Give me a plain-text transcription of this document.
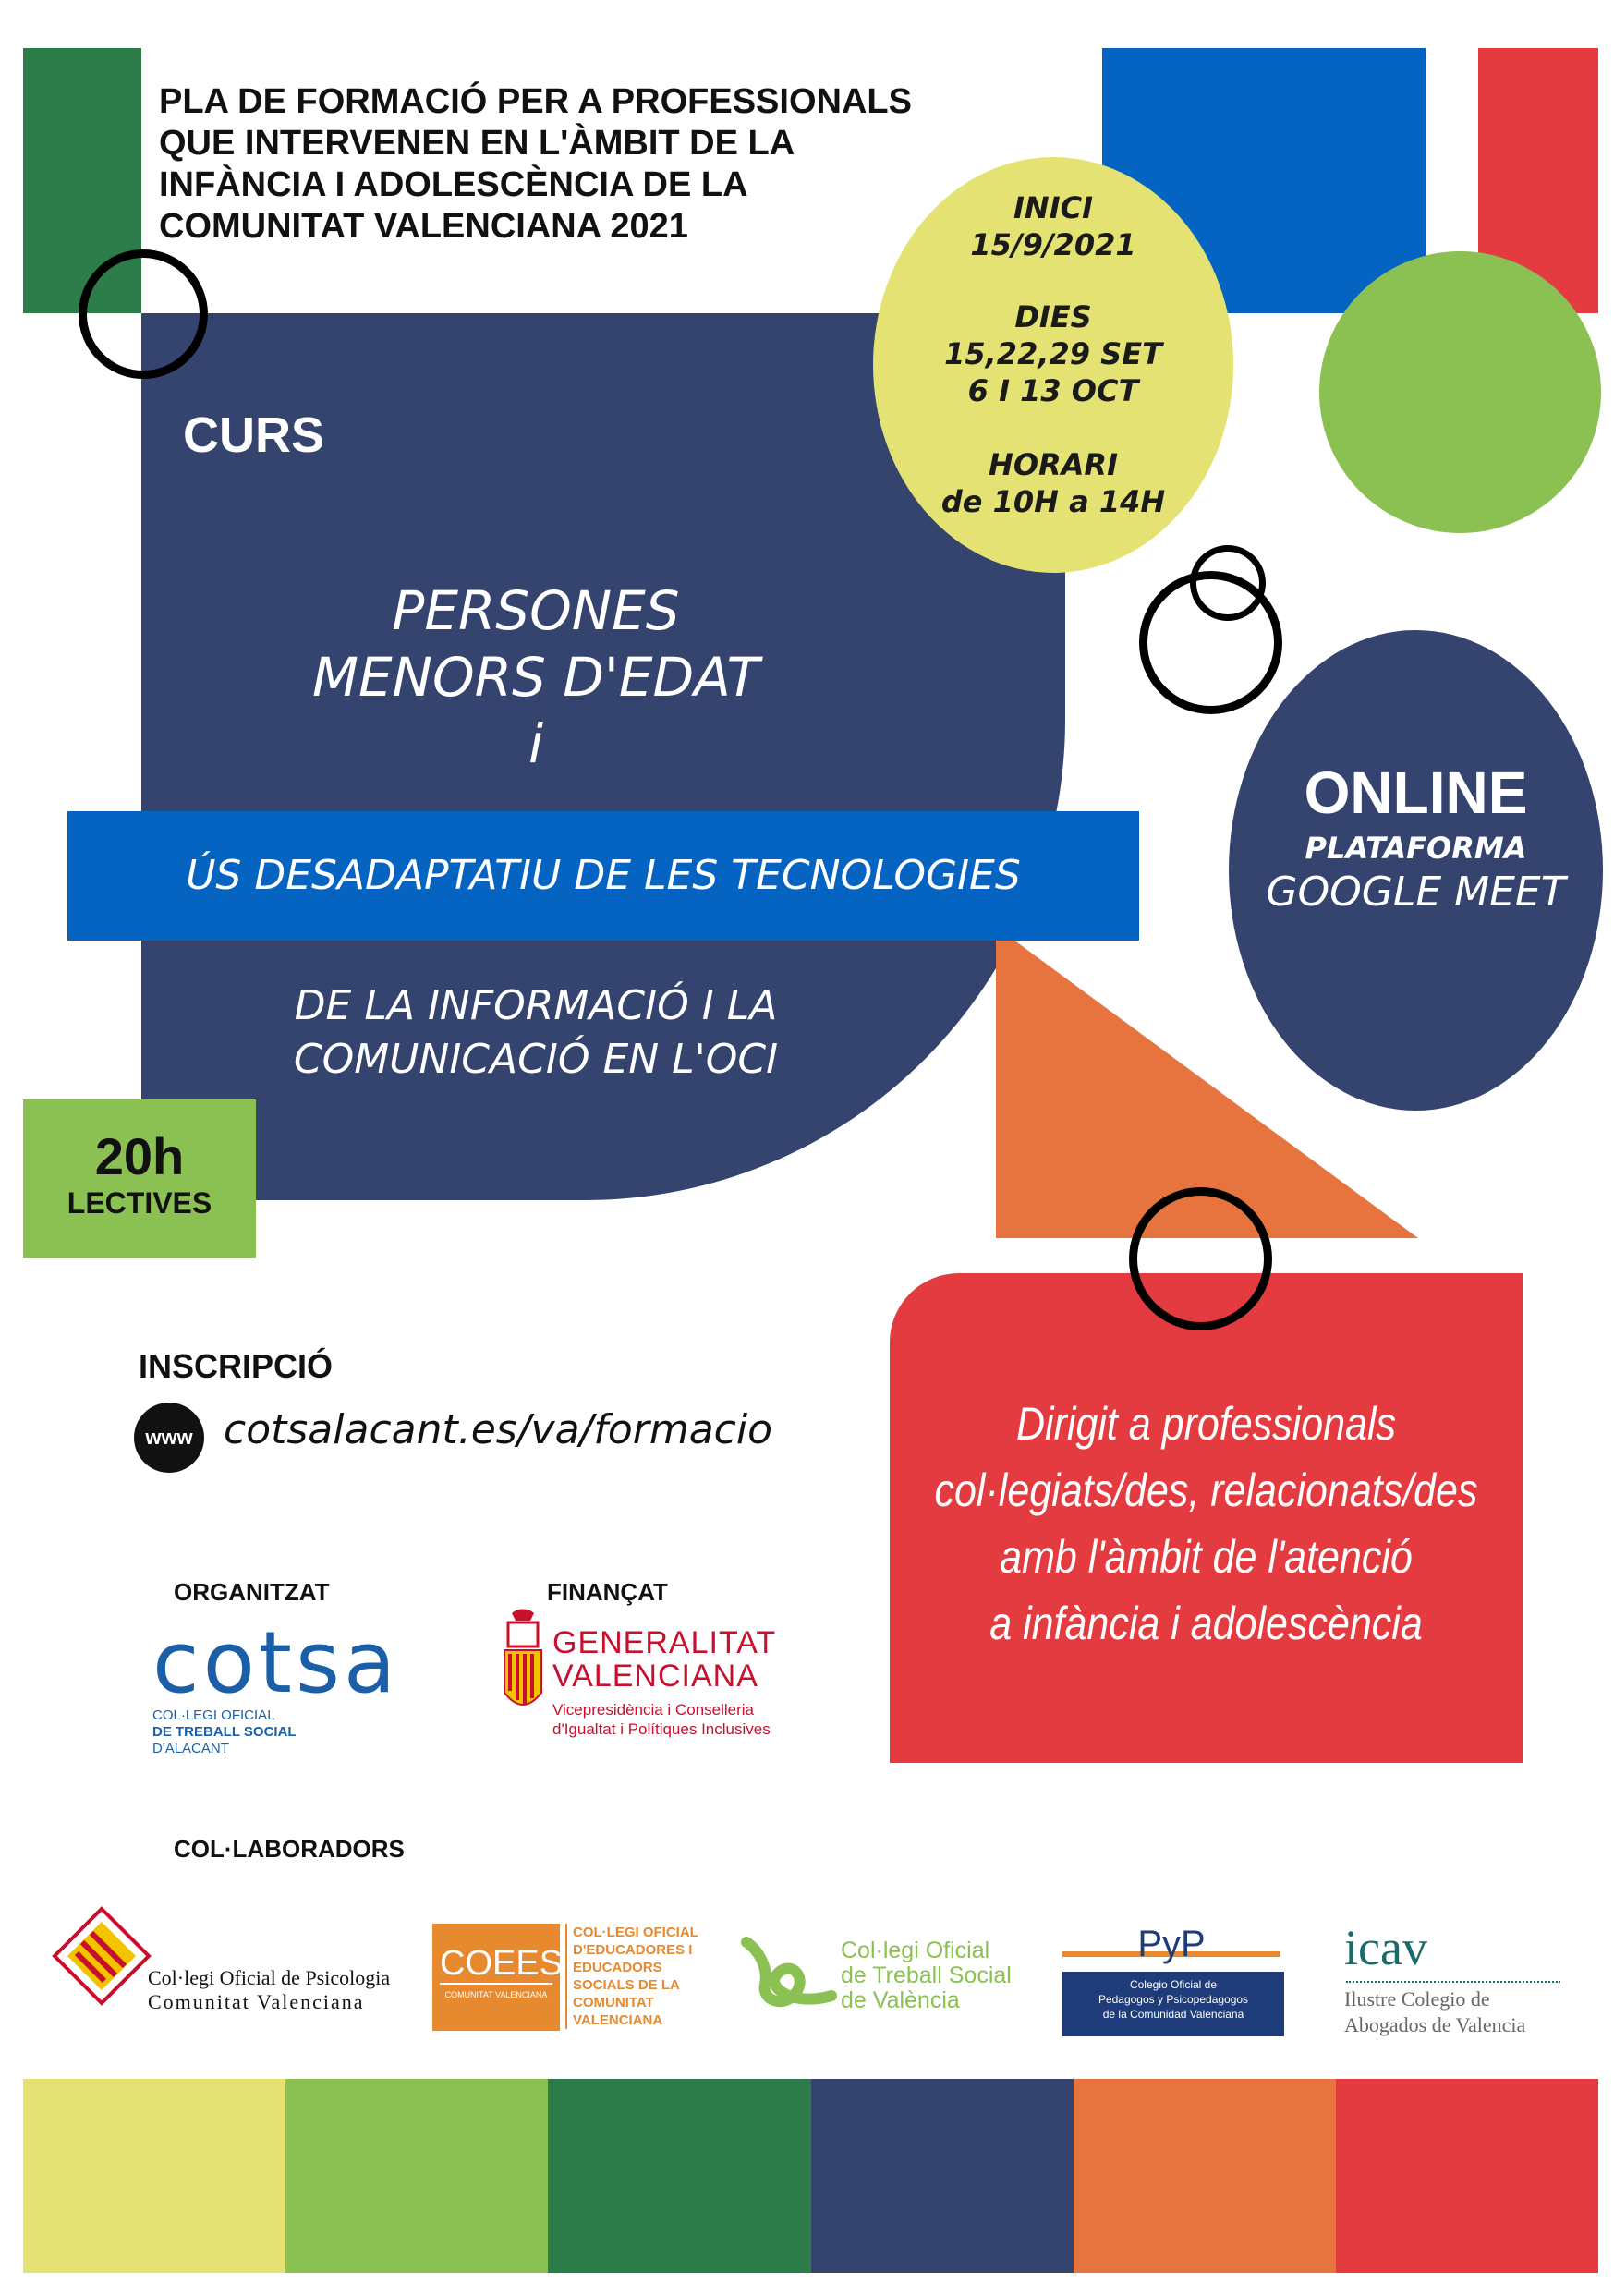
PLA DE FORMACIÓ PER A PROFESSIONALS
QUE INTERVENEN EN L'ÀMBIT DE LA
INFÀNCIA I ADOLESCÈNCIA DE LA
COMUNITAT VALENCIANA 2021	INICI
15/9/2021
DIES
15,22,29 SET
6 I 13 OCT
HORARI
de 10H a 14H
CURS
PERSONES
MENORS D'EDAT
i
ÚS DESADAPTATIU DE LES TECNOLOGIES
DE LA INFORMACIÓ I LA
COMUNICACIÓ EN L'OCI
20h
LECTIVES
ONLINE
PLATAFORMA
GOOGLE MEET
INSCRIPCIÓ
www cotsalacant.es/va/formacio	Dirigit a professionals
col·legiats/des, relacionats/des
amb l'àmbit de l'atenció
a infància i adolescència
ORGANITZAT
cotsa
COL·LEGI OFICIAL
DE TREBALL SOCIAL
D'ALACANT
FINANÇAT
GENERALITAT
VALENCIANA
Vicepresidència i Conselleria
d'Igualtat i Polítiques Inclusives
COL·LABORADORS
Col·legi Oficial de Psicologia
Comunitat Valenciana
COEES
COMUNITAT VALENCIANA
COL·LEGI OFICIAL
D'EDUCADORES I
EDUCADORS
SOCIALS DE LA
COMUNITAT
VALENCIANA
Col·legi Oficial
de Treball Social
de València
PyP
Colegio Oficial de
Pedagogos y Psicopedagogos
de la Comunidad Valenciana
icav
Ilustre Colegio de
Abogados de Valencia
